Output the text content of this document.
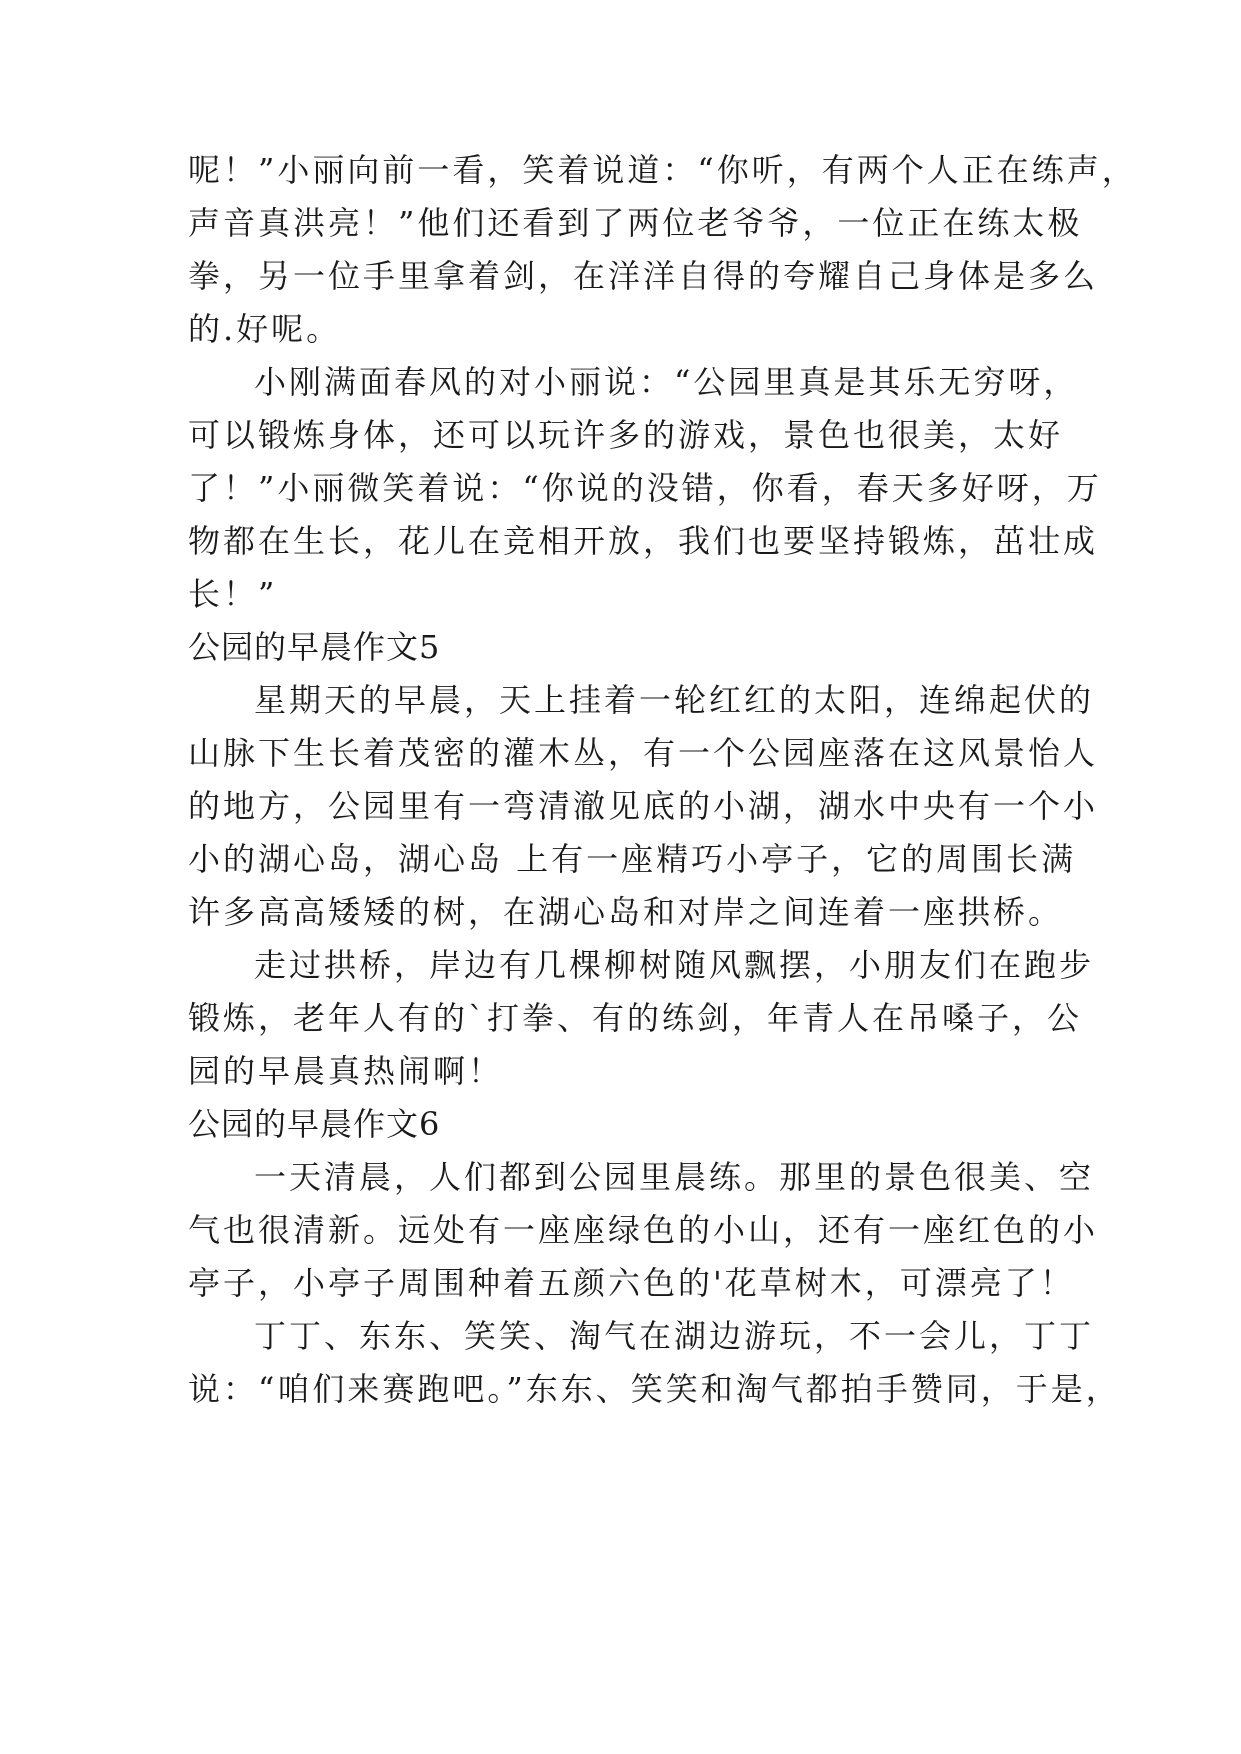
呢！”小丽向前一看，笑着说道：“你听，有两个人正在练声，
声音真洪亮！”他们还看到了两位老爷爷，一位正在练太极
拳，另一位手里拿着剑，在洋洋自得的夸耀自己身体是多么
的.好呢。
小刚满面春风的对小丽说：“公园里真是其乐无穷呀，
可以锻炼身体，还可以玩许多的游戏，景色也很美，太好
了！”小丽微笑着说：“你说的没错，你看，春天多好呀，万
物都在生长，花儿在竞相开放，我们也要坚持锻炼，茁壮成
长！”
公园的早晨作文5
星期天的早晨，天上挂着一轮红红的太阳，连绵起伏的
山脉下生长着茂密的灌木丛，有一个公园座落在这风景怡人
的地方，公园里有一弯清澈见底的小湖，湖水中央有一个小
小的湖心岛，湖心岛 上有一座精巧小亭子，它的周围长满
许多高高矮矮的树，在湖心岛和对岸之间连着一座拱桥。
走过拱桥，岸边有几棵柳树随风飘摆，小朋友们在跑步
锻炼，老年人有的`打拳、有的练剑，年青人在吊嗓子，公
园的早晨真热闹啊！
公园的早晨作文6
一天清晨，人们都到公园里晨练。那里的景色很美、空
气也很清新。远处有一座座绿色的小山，还有一座红色的小
亭子，小亭子周围种着五颜六色的'花草树木，可漂亮了！
丁丁、东东、笑笑、淘气在湖边游玩，不一会儿，丁丁
说：“咱们来赛跑吧。”东东、笑笑和淘气都拍手赞同，于是，
